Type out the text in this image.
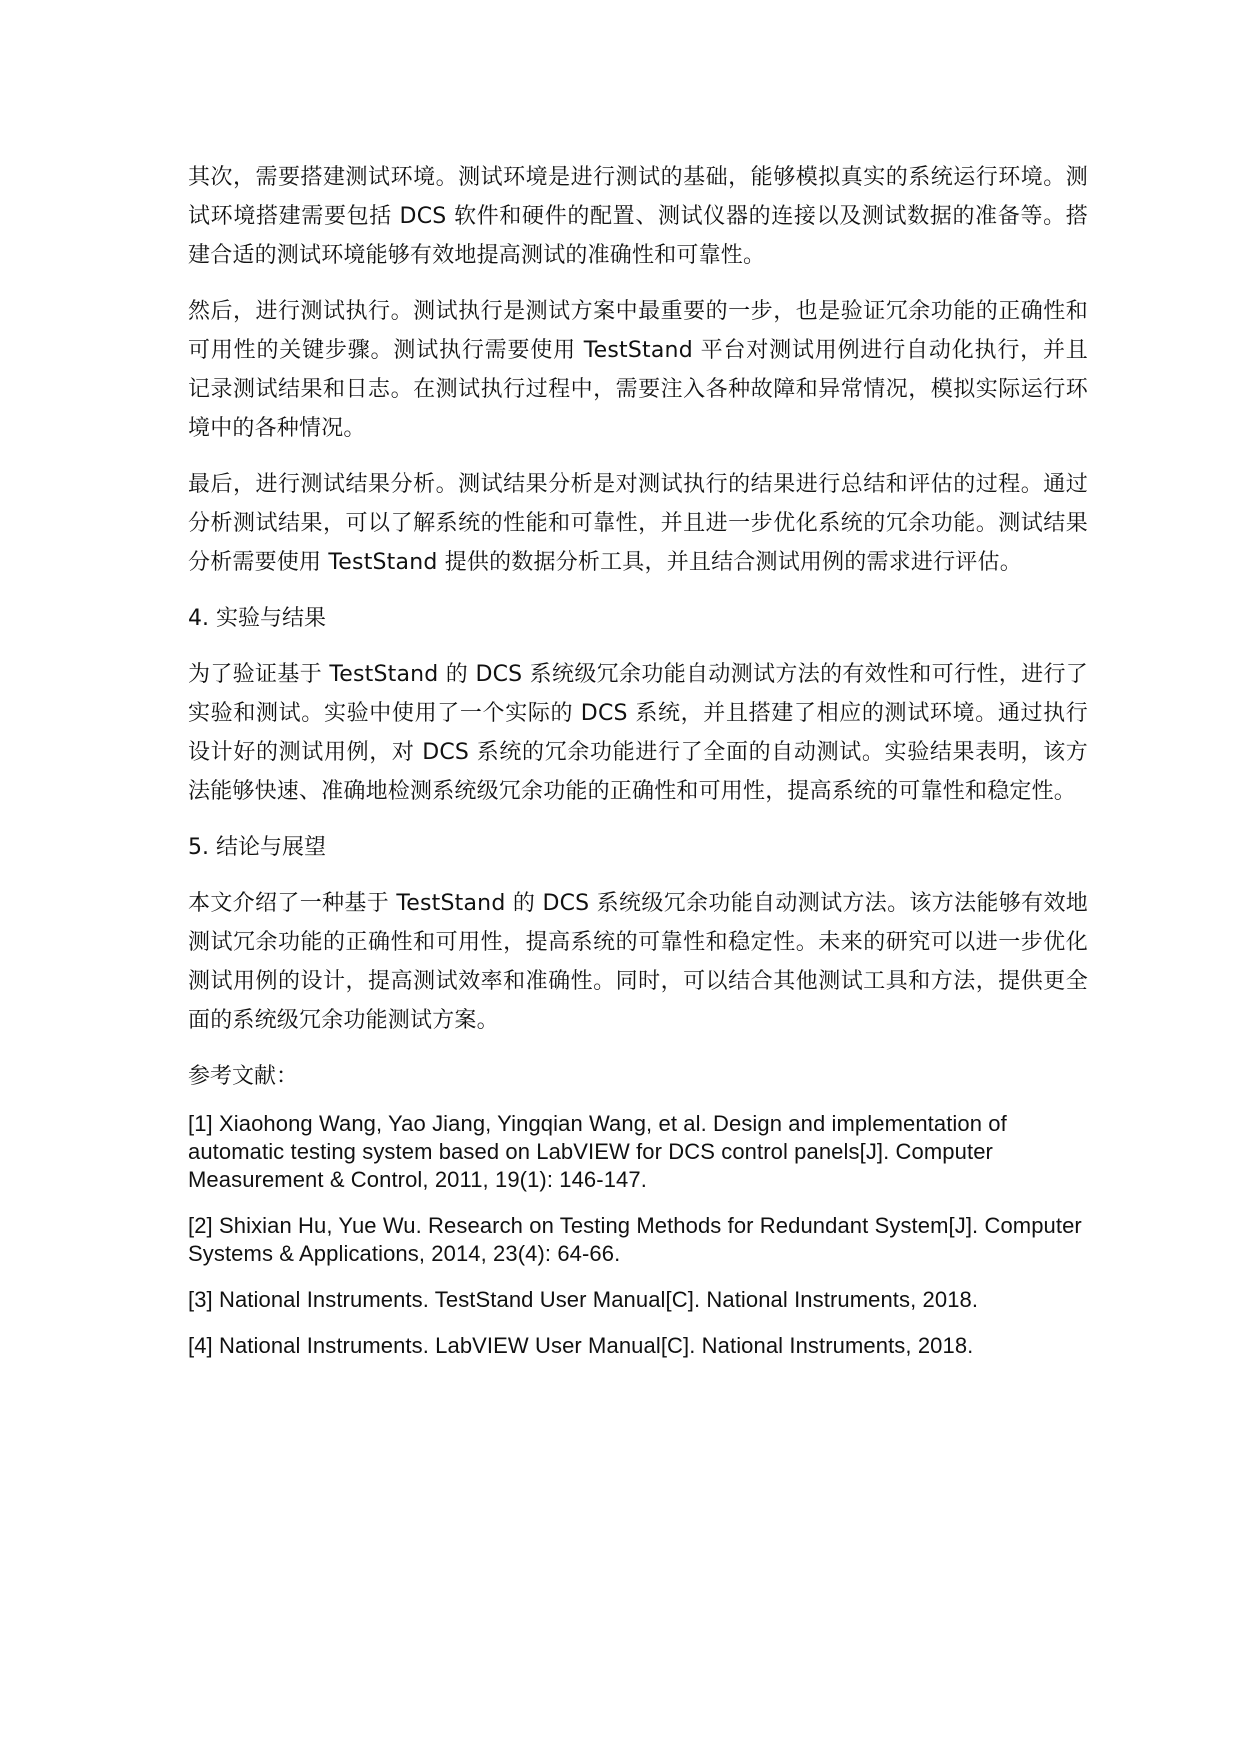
其次，需要搭建测试环境。测试环境是进行测试的基础，能够模拟真实的系统运行环境。测试环境搭建需要包括 DCS 软件和硬件的配置、测试仪器的连接以及测试数据的准备等。搭建合适的测试环境能够有效地提高测试的准确性和可靠性。

然后，进行测试执行。测试执行是测试方案中最重要的一步，也是验证冗余功能的正确性和可用性的关键步骤。测试执行需要使用 TestStand 平台对测试用例进行自动化执行，并且记录测试结果和日志。在测试执行过程中，需要注入各种故障和异常情况，模拟实际运行环境中的各种情况。

最后，进行测试结果分析。测试结果分析是对测试执行的结果进行总结和评估的过程。通过分析测试结果，可以了解系统的性能和可靠性，并且进一步优化系统的冗余功能。测试结果分析需要使用 TestStand 提供的数据分析工具，并且结合测试用例的需求进行评估。

4. 实验与结果

为了验证基于 TestStand 的 DCS 系统级冗余功能自动测试方法的有效性和可行性，进行了实验和测试。实验中使用了一个实际的 DCS 系统，并且搭建了相应的测试环境。通过执行设计好的测试用例，对 DCS 系统的冗余功能进行了全面的自动测试。实验结果表明，该方法能够快速、准确地检测系统级冗余功能的正确性和可用性，提高系统的可靠性和稳定性。

5. 结论与展望

本文介绍了一种基于 TestStand 的 DCS 系统级冗余功能自动测试方法。该方法能够有效地测试冗余功能的正确性和可用性，提高系统的可靠性和稳定性。未来的研究可以进一步优化测试用例的设计，提高测试效率和准确性。同时，可以结合其他测试工具和方法，提供更全面的系统级冗余功能测试方案。

参考文献：

[1] Xiaohong Wang, Yao Jiang, Yingqian Wang, et al. Design and implementation of automatic testing system based on LabVIEW for DCS control panels[J]. Computer Measurement & Control, 2011, 19(1): 146-147.

[2] Shixian Hu, Yue Wu. Research on Testing Methods for Redundant System[J]. Computer Systems & Applications, 2014, 23(4): 64-66.

[3] National Instruments. TestStand User Manual[C]. National Instruments, 2018.

[4] National Instruments. LabVIEW User Manual[C]. National Instruments, 2018.
